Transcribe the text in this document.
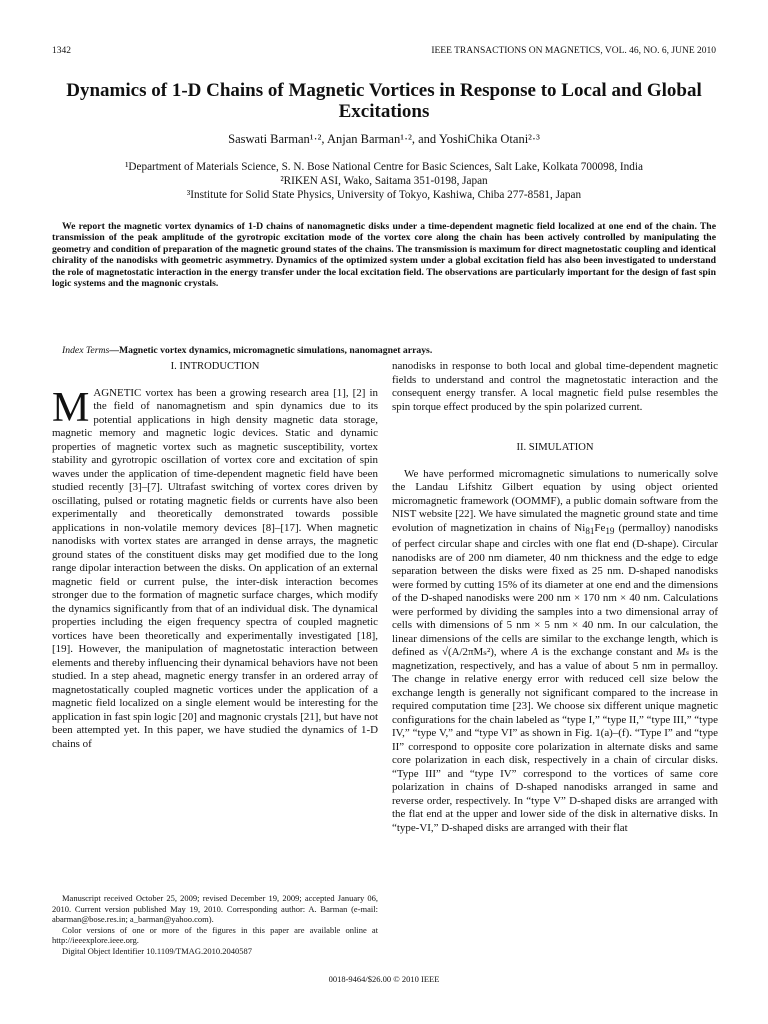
1342	IEEE TRANSACTIONS ON MAGNETICS, VOL. 46, NO. 6, JUNE 2010
Dynamics of 1-D Chains of Magnetic Vortices in Response to Local and Global Excitations
Saswati Barman¹·², Anjan Barman¹·², and YoshiChika Otani²·³
¹Department of Materials Science, S. N. Bose National Centre for Basic Sciences, Salt Lake, Kolkata 700098, India
²RIKEN ASI, Wako, Saitama 351-0198, Japan
³Institute for Solid State Physics, University of Tokyo, Kashiwa, Chiba 277-8581, Japan
We report the magnetic vortex dynamics of 1-D chains of nanomagnetic disks under a time-dependent magnetic field localized at one end of the chain. The transmission of the peak amplitude of the gyrotropic excitation mode of the vortex core along the chain has been actively controlled by manipulating the geometry and condition of preparation of the magnetic ground states of the chains. The transmission is maximum for direct magnetostatic coupling and identical chirality of the nanodisks with geometric asymmetry. Dynamics of the optimized system under a global excitation field has also been investigated to understand the role of magnetostatic interaction in the energy transfer under the local excitation field. The observations are particularly important for the design of fast spin logic systems and the magnonic crystals.
Index Terms—Magnetic vortex dynamics, micromagnetic simulations, nanomagnet arrays.

I. INTRODUCTION

MAGNETIC vortex has been a growing research area [1], [2] in the field of nanomagnetism and spin dynamics due to its potential applications in high density magnetic data storage, magnetic memory and magnetic logic devices. Static and dynamic properties of magnetic vortex such as magnetic susceptibility, vortex stability and gyrotropic oscillation of vortex core and excitation of spin waves under the application of time-dependent magnetic field have been studied recently [3]–[7]. Ultrafast switching of vortex cores driven by oscillating, pulsed or rotating magnetic fields or currents have also been experimentally and theoretically demonstrated towards possible applications in non-volatile memory devices [8]–[17]. When magnetic nanodisks with vortex states are arranged in dense arrays, the magnetic ground states of the constituent disks may get modified due to the long range dipolar interaction between the disks. On application of an external magnetic field or current pulse, the inter-disk interaction becomes stronger due to the formation of magnetic surface charges, which modify the dynamics significantly from that of an individual disk. The dynamical properties including the eigen frequency spectra of coupled magnetic vortices have been theoretically and experimentally investigated [18], [19]. However, the manipulation of magnetostatic interaction between elements and thereby influencing their dynamical behaviors have not been studied. In a step ahead, magnetic energy transfer in an ordered array of magnetostatically coupled magnetic vortices under the application of a magnetic field localized on a single element would be interesting for the application in fast spin logic [20] and magnonic crystals [21], but have not been attempted yet. In this paper, we have studied the dynamics of 1-D chains of

nanodisks in response to both local and global time-dependent magnetic fields to understand and control the magnetostatic interaction and the consequent energy transfer. A local magnetic field pulse resembles the spin torque effect produced by the spin polarized current.

II. SIMULATION

We have performed micromagnetic simulations to numerically solve the Landau Lifshitz Gilbert equation by using object oriented micromagnetic framework (OOMMF), a public domain software from the NIST website [22]. We have simulated the magnetic ground state and time evolution of magnetization in chains of $Ni_{81}Fe_{19}$ (permalloy) nanodisks of perfect circular shape and circles with one flat end (D-shape). Circular nanodisks are of 200 nm diameter, 40 nm thickness and the edge to edge separation between the disks were fixed as 25 nm. D-shaped nanodisks were formed by cutting 15% of its diameter at one end and the dimensions of the D-shaped nanodisks were 200 nm × 170 nm × 40 nm. Calculations were performed by dividing the samples into a two dimensional array of cells with dimensions of 5 nm × 5 nm × 40 nm. In our calculation, the linear dimensions of the cells are similar to the exchange length, which is defined as √(A/2πMₛ²), where A is the exchange constant and Mₛ is the magnetization, respectively, and has a value of about 5 nm in permalloy. The change in relative energy error with reduced cell size below the exchange length is generally not significant compared to the increase in required computation time [23]. We choose six different unique magnetic configurations for the chain labeled as “type I,” “type II,” “type III,” “type IV,” “type V,” and “type VI” as shown in Fig. 1(a)–(f). “Type I” and “type II” correspond to opposite core polarization in alternate disks and same core polarization in each disk, respectively in a chain of circular disks. “Type III” and “type IV” correspond to the vortices of same core polarization in chains of D-shaped nanodisks arranged in same and reverse order, respectively. In “type V” D-shaped disks are arranged with the flat end at the upper and lower side of the disk in alternative disks. In “type-VI,” D-shaped disks are arranged with their flat

Manuscript received October 25, 2009; revised December 19, 2009; accepted January 06, 2010. Current version published May 19, 2010. Corresponding author: A. Barman (e-mail: abarman@bose.res.in; a_barman@yahoo.com).

Color versions of one or more of the figures in this paper are available online at http://ieeexplore.ieee.org.

Digital Object Identifier 10.1109/TMAG.2010.2040587

0018-9464/$26.00 © 2010 IEEE
